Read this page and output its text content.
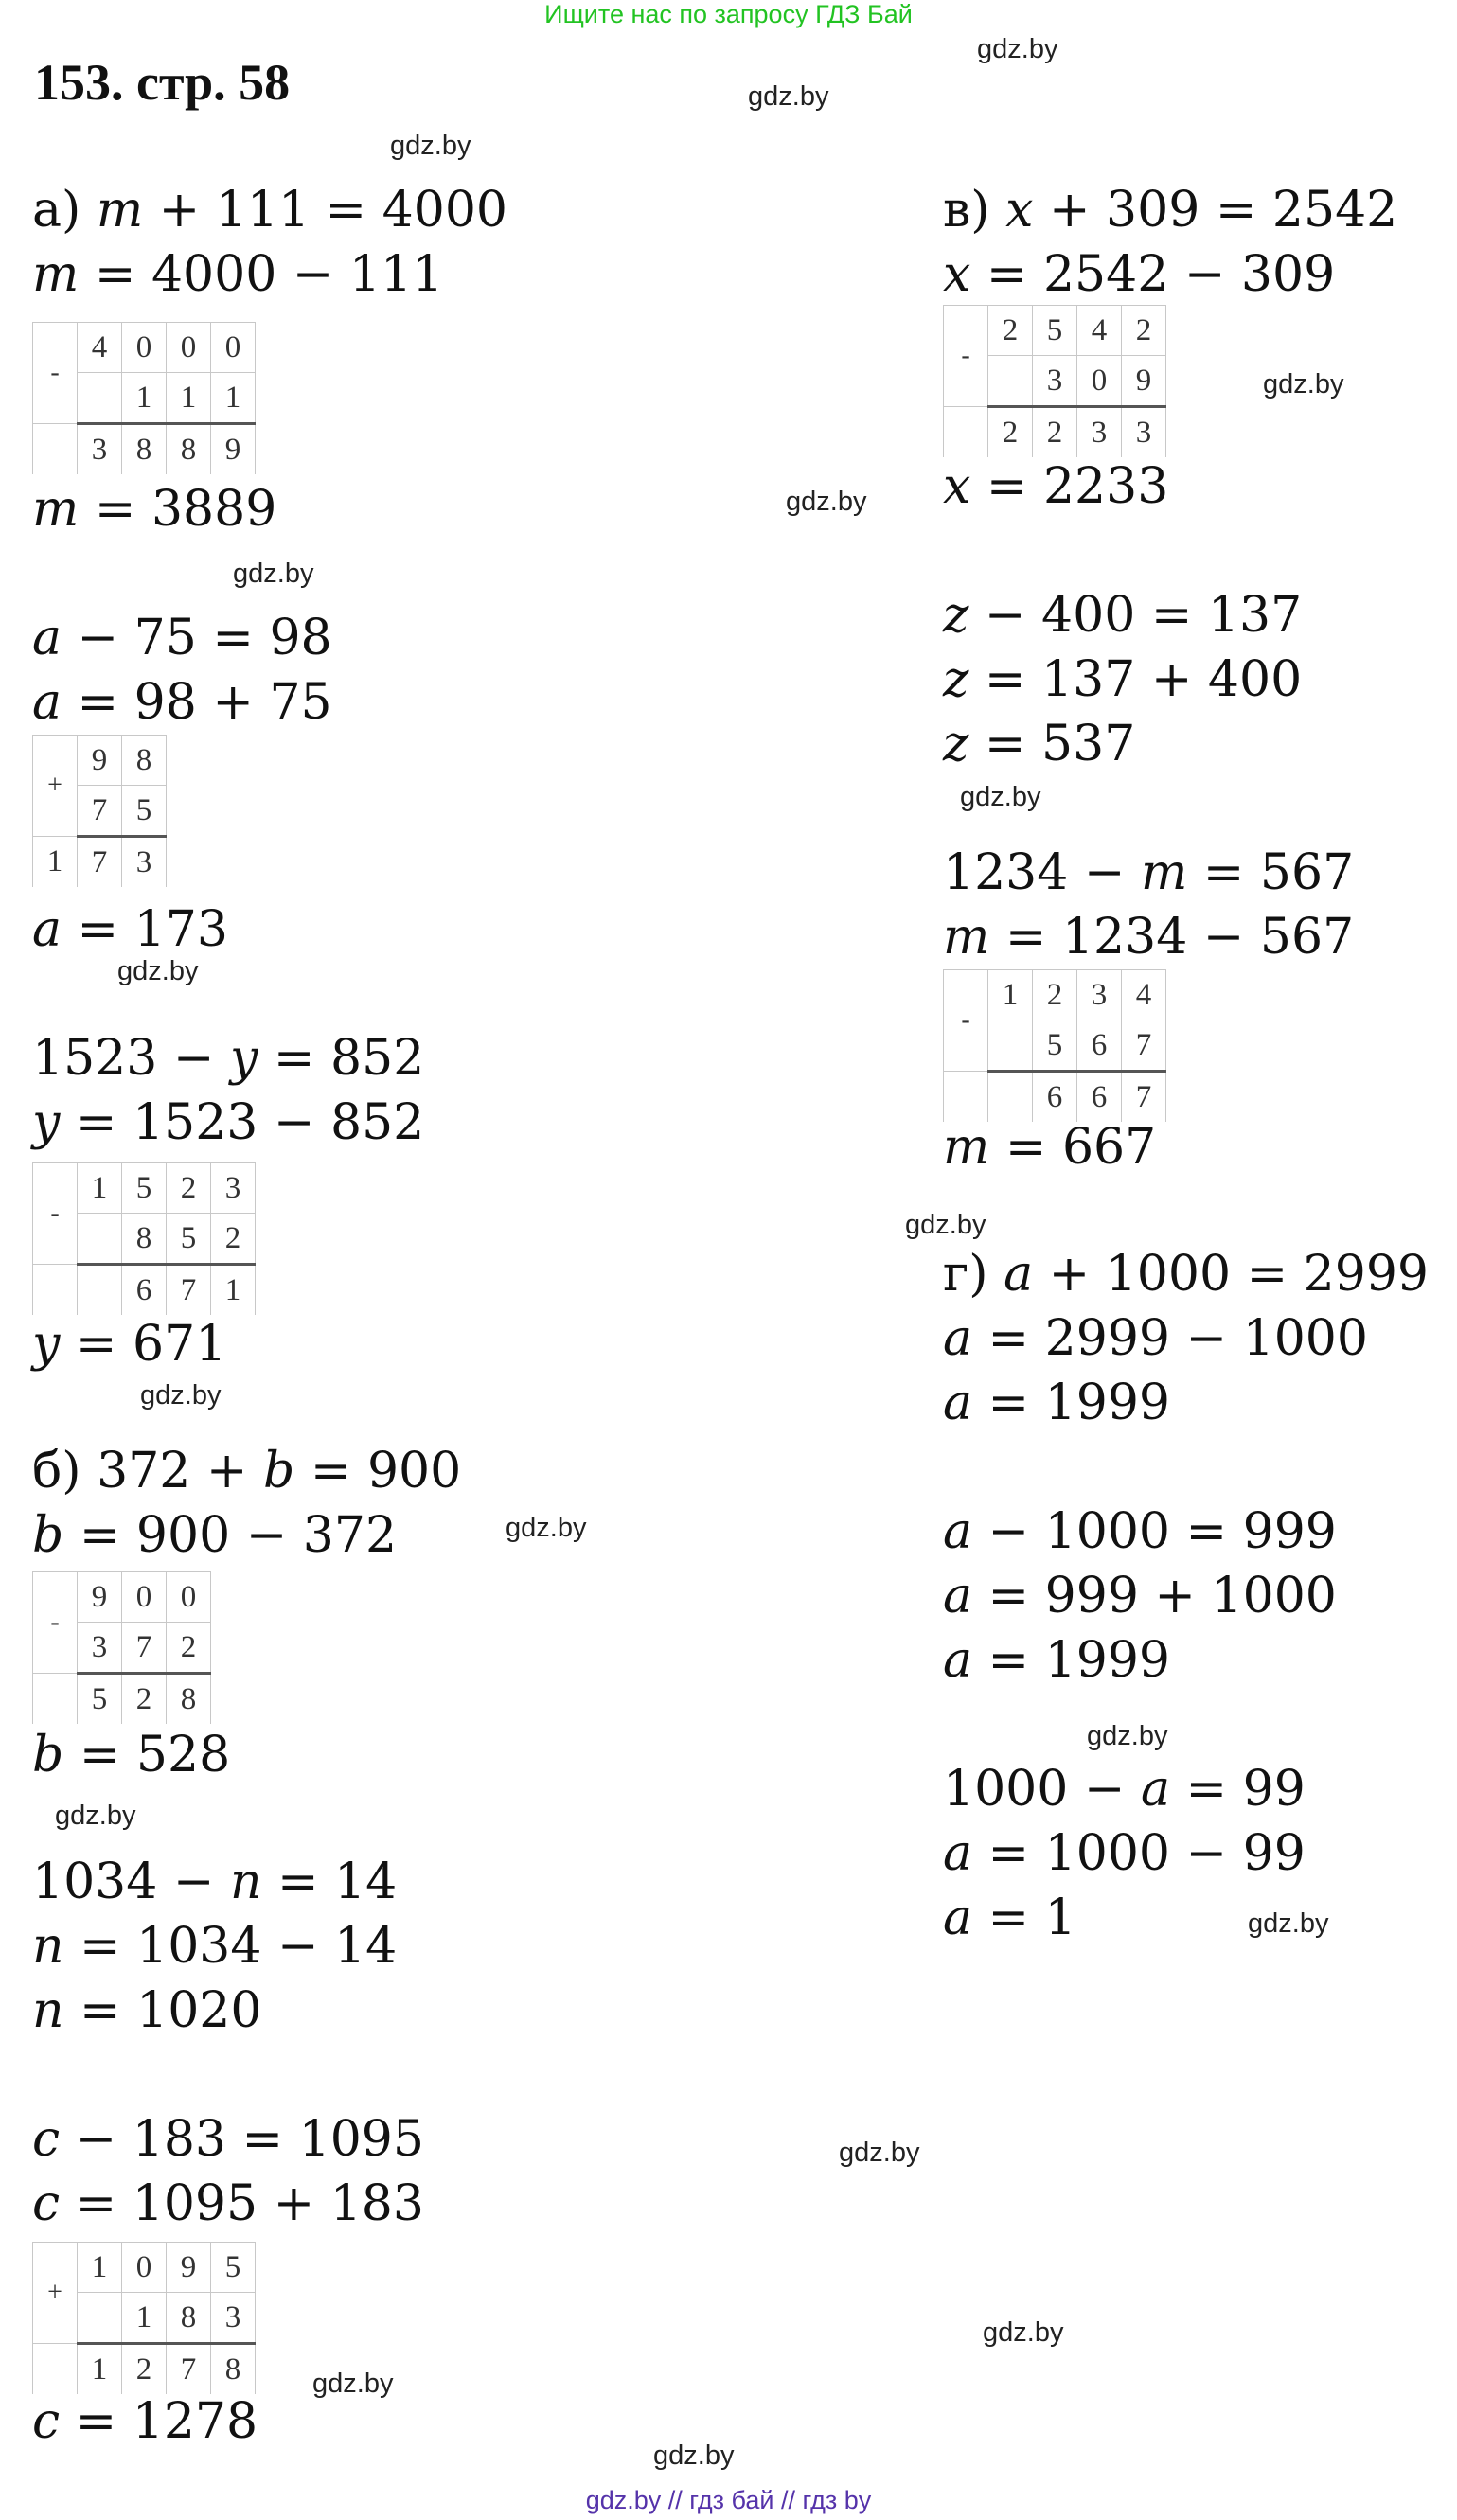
Ищите нас по запросу ГДЗ Бай
153. стр. 58
gdz.by
gdz.by
gdz.by
gdz.by
gdz.by
gdz.by
gdz.by
gdz.by
gdz.by
gdz.by
gdz.by
gdz.by
gdz.by
gdz.by
gdz.by
gdz.by
gdz.by
gdz.by
а) m + 111 = 4000
m = 4000 − 111
-	4	0	0	0
		1	1	1
	3	8	8	9
m = 3889
a − 75 = 98
a = 98 + 75
+	9	8
	7	5
1	7	3
a = 173
1523 − y = 852
y = 1523 − 852
-	1	5	2	3
		8	5	2
		6	7	1
y = 671
б) 372 + b = 900
b = 900 − 372
-	9	0	0
	3	7	2
	5	2	8
b = 528
1034 − n = 14
n = 1034 − 14
n = 1020
c − 183 = 1095
c = 1095 + 183
+	1	0	9	5
		1	8	3
	1	2	7	8
c = 1278
в) x + 309 = 2542
x = 2542 − 309
-	2	5	4	2
		3	0	9
	2	2	3	3
x = 2233
z − 400 = 137
z = 137 + 400
z = 537
1234 − m = 567
m = 1234 − 567
-	1	2	3	4
		5	6	7
		6	6	7
m = 667
г) a + 1000 = 2999
a = 2999 − 1000
a = 1999
a − 1000 = 999
a = 999 + 1000
a = 1999
1000 − a = 99
a = 1000 − 99
a = 1
gdz.by // гдз бай // гдз by
